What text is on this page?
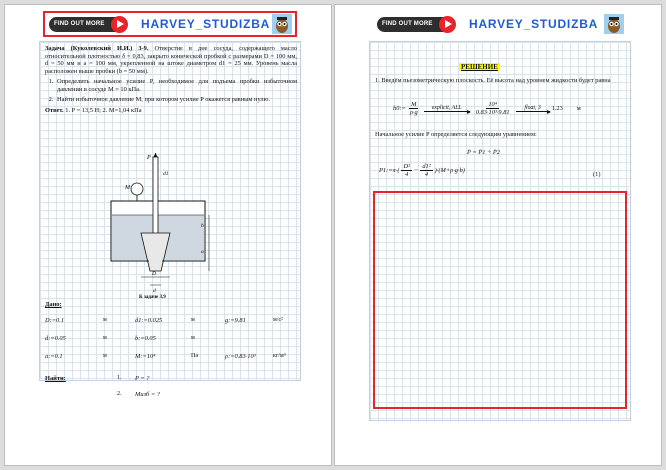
FIND OUT MORE	HARVEY_STUDIZBA

Задача (Куколевский И.И.) 3-9. Отверстие в дне сосуда, содержащего масло относительной плотностью δ = 0,83, закрыто конической пробкой с размерами D = 100 мм, d = 50 мм и a = 100 мм, укрепленной на штоке диаметром d1 = 25 мм. Уровень масла расположен выше пробки (b = 50 мм).

1. Определить начальное усилие P, необходимое для подъема пробки избыточном давлении в сосуде M = 10 кПа.
2. Найти избыточное давление M, при котором усилие P окажется равным нулю.

Ответ. 1. P = 13,5 Н; 2. M=1,04 кПа

P
M
d1
b
a
D
d
К задаче 3.9
Дано:
D:=0.1	м	d1:=0.025	м	g:=9.81	м/с²
d:=0.05	м	b:=0.05	м
a:=0.1	м	M:=10⁴	Па	ρ:=0.83·10³	кг/м³
Найти:	1. P = ?
2. Mизб = ?
FIND OUT MORE	HARVEY_STUDIZBA
РЕШЕНИЕ
1. Введём пьезометрическую плоскость. Её высота над уровнем жидкости будет равна
h0:= $\frac{M}{\rho\cdot g}$ explicit, ALL $\frac{\text{10⁴}}{\text{0.83·10³·9.81}}$ float, 3 1.23 м
Начальное усилие P определяется следующим уравнением:
P̄ = P̄1 + P̄2
P1:=π·( $\frac{\text{D²}}{4} - \frac{\text{d1²}}{4} )\cdot(M+\rho\cdot g\cdot b)$
(1)
